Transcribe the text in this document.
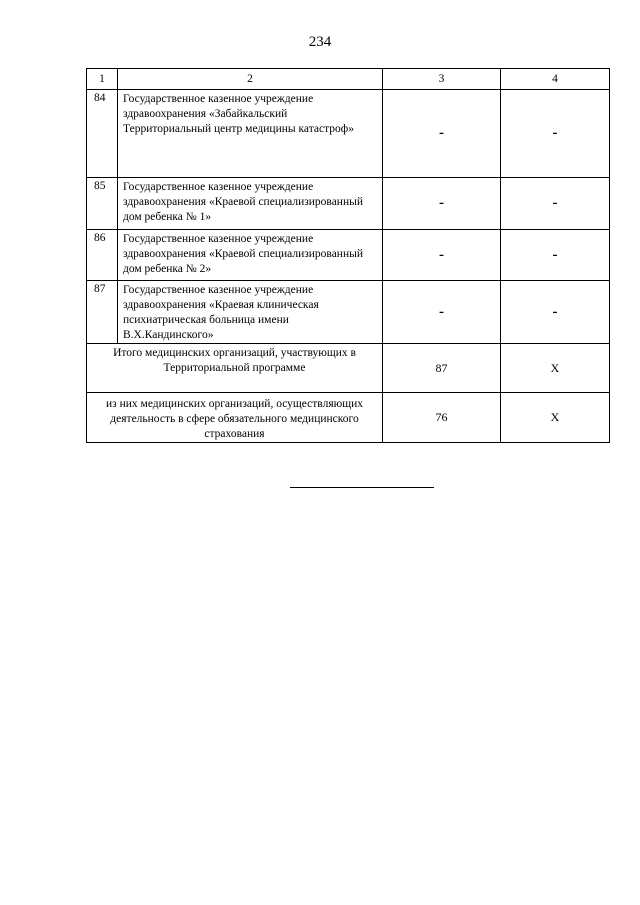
234
1	2	3	4
84	Государственное казенное учреждение здравоохранения «Забайкальский Территориальный центр медицины катастроф»	-	-
85	Государственное казенное учреждение здравоохранения «Краевой специализированный дом ребенка № 1»	-	-
86	Государственное казенное учреждение здравоохранения «Краевой специализированный дом ребенка № 2»	-	-
87	Государственное казенное учреждение здравоохранения «Краевая клиническая психиатрическая больница имени В.Х.Кандинского»	-	-
Итого медицинских организаций, участвующих в Территориальной программе		87	X
из них медицинских организаций, осуществляющих деятельность в сфере обязательного медицинского страхования		76	X
